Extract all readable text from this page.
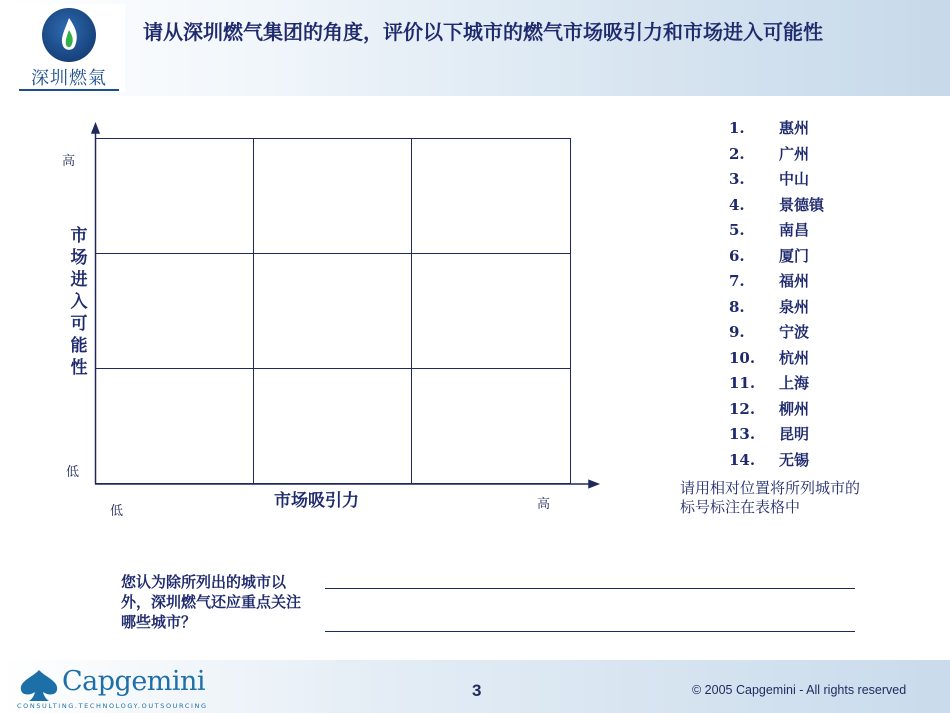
深圳燃氣
请从深圳燃气集团的角度，评价以下城市的燃气市场吸引力和市场进入可能性
高
低
低	高
市场进入可能性
市场吸引力
1. 惠州
2. 广州
3. 中山
4. 景德镇
5. 南昌
6. 厦门
7. 福州
8. 泉州
9. 宁波
10. 杭州
11. 上海
12. 柳州
13. 昆明
14. 无锡
请用相对位置将所列城市的标号标注在表格中
您认为除所列出的城市以外，深圳燃气还应重点关注哪些城市？
Capgemini
CONSULTING.TECHNOLOGY.OUTSOURCING
3	© 2005 Capgemini - All rights reserved
